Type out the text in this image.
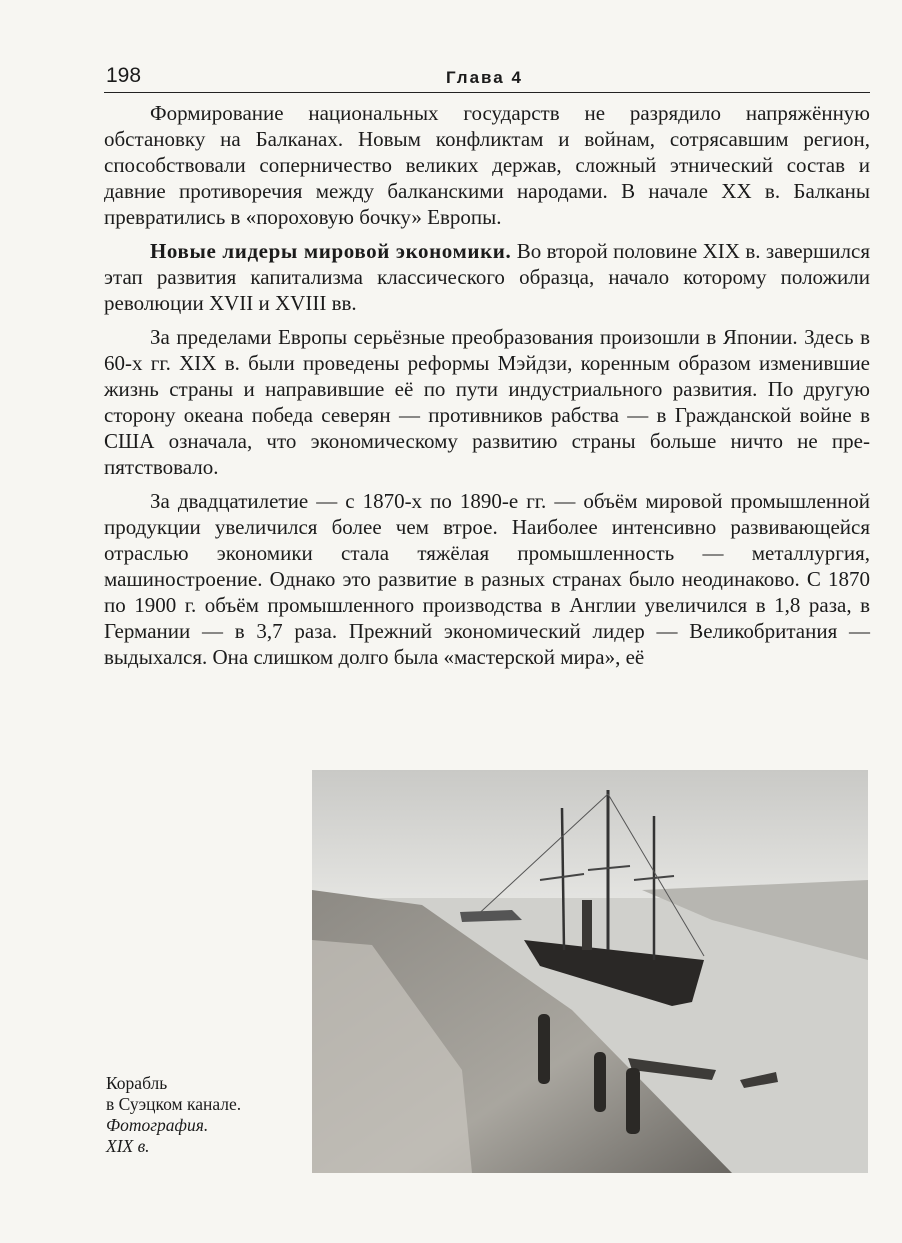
198	Глава 4

Формирование национальных государств не разрядило напряжённую обстановку на Балканах. Новым конфликтам и войнам, сотрясавшим регион, способствовали соперничество великих держав, сложный этнический состав и давние противоречия между балканскими народами. В начале XX в. Балканы превратились в «пороховую бочку» Европы.

Новые лидеры мировой экономики. Во второй половине XIX в. завершился этап развития капитализма классического образца, начало которому положили революции XVII и XVIII вв.

За пределами Европы серьёзные преобразования произошли в Японии. Здесь в 60-х гг. XIX в. были проведены реформы Мэйдзи, коренным образом изменившие жизнь страны и направившие её по пути индустриального развития. По другую сторону океана победа северян — противников рабства — в Гражданской войне в США означала, что экономическому развитию страны больше ничто не препятствовало.

За двадцатилетие — с 1870-х по 1890-е гг. — объём мировой промышленной продукции увеличился более чем втрое. Наиболее интенсивно развивающейся отраслью экономики стала тяжёлая промышленность — металлургия, машиностроение. Однако это развитие в разных странах было неодинаково. С 1870 по 1900 г. объём промышленного производства в Англии увеличился в 1,8 раза, в Германии — в 3,7 раза. Прежний экономический лидер — Великобритания — выдыхался. Она слишком долго была «мастерской мира», её

Корабль
в Суэцком канале.
Фотография.
XIX в.
